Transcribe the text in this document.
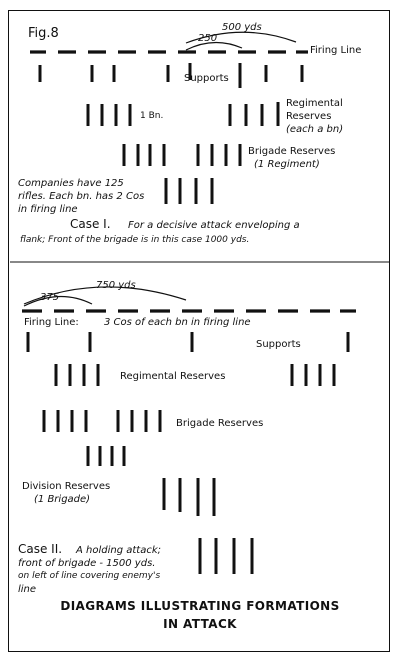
Fig.8	500 yds
250
Firing Line
Supports
1 Bn.
Regimental
Reserves
(each a bn)
Brigade Reserves
(1 Regiment)
Companies have 125
rifles. Each bn. has 2 Cos
in firing line
Case I. For a decisive attack enveloping a
flank; Front of the brigade is in this case 1000 yds.
750 yds
375
Firing Line:	3 Cos of each bn in firing line
Supports
Regimental Reserves
Brigade Reserves
Division Reserves
(1 Brigade)
Case II. A holding attack;
front of brigade - 1500 yds.
on left of line covering enemy's
line
DIAGRAMS ILLUSTRATING FORMATIONS
IN ATTACK
